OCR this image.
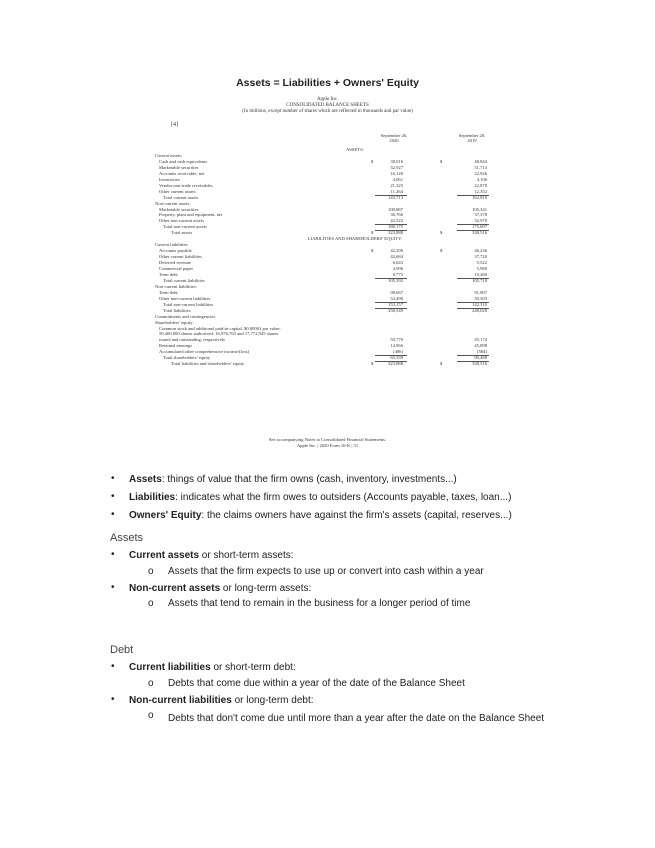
Assets = Liabilities + Owners' Equity
Apple Inc.
CONSOLIDATED BALANCE SHEETS
(In millions, except number of shares which are reflected in thousands and par value)
[4]
September 26,
2020
September 28,
2019
ASSETS:
Current assets:
Cash and cash equivalents	$	38,016	$	48,844
Marketable securities	52,927	51,713
Accounts receivable, net	16,120	22,926
Inventories	4,061	4,106
Vendor non-trade receivables	21,325	22,878
Other current assets	11,264	12,352
Total current assets	143,713	162,819
Non-current assets:
Marketable securities	100,887	105,341
Property, plant and equipment, net	36,766	37,378
Other non-current assets	42,522	32,978
Total non-current assets	180,175	175,697
Total assets	$	323,888	$	338,516
LIABILITIES AND SHAREHOLDERS' EQUITY:
Current liabilities:
Accounts payable	$	42,296	$	46,236
Other current liabilities	42,684	37,720
Deferred revenue	6,643	5,522
Commercial paper	4,996	5,980
Term debt	8,773	10,260
Total current liabilities	105,392	105,718
Non-current liabilities:
Term debt	98,667	91,807
Other non-current liabilities	54,490	50,503
Total non-current liabilities	153,157	142,310
Total liabilities	258,549	248,028
Commitments and contingencies
Shareholders' equity:
Common stock and additional paid-in capital, $0.00001 par value:
50,400,000 shares authorized; 16,976,763 and 17,772,945 shares
issued and outstanding, respectively	50,779	45,174
Retained earnings	14,966	45,898
Accumulated other comprehensive income/(loss)	(406)	(584)
Total shareholders' equity	65,339	90,488
Total liabilities and shareholders' equity	$	323,888	$	338,516
See accompanying Notes to Consolidated Financial Statements.
Apple Inc. | 2020 Form 10-K | 31
• Assets: things of value that the firm owns (cash, inventory, investments...)
• Liabilities: indicates what the firm owes to outsiders (Accounts payable, taxes, loan...)
• Owners' Equity: the claims owners have against the firm's assets (capital, reserves...)
Assets
• Current assets or short-term assets:
o Assets that the firm expects to use up or convert into cash within a year
• Non-current assets or long-term assets:
o Assets that tend to remain in the business for a longer period of time
Debt
• Current liabilities or short-term debt:
o Debts that come due within a year of the date of the Balance Sheet
• Non-current liabilities or long-term debt:
o Debts that don't come due until more than a year after the date on the Balance Sheet
